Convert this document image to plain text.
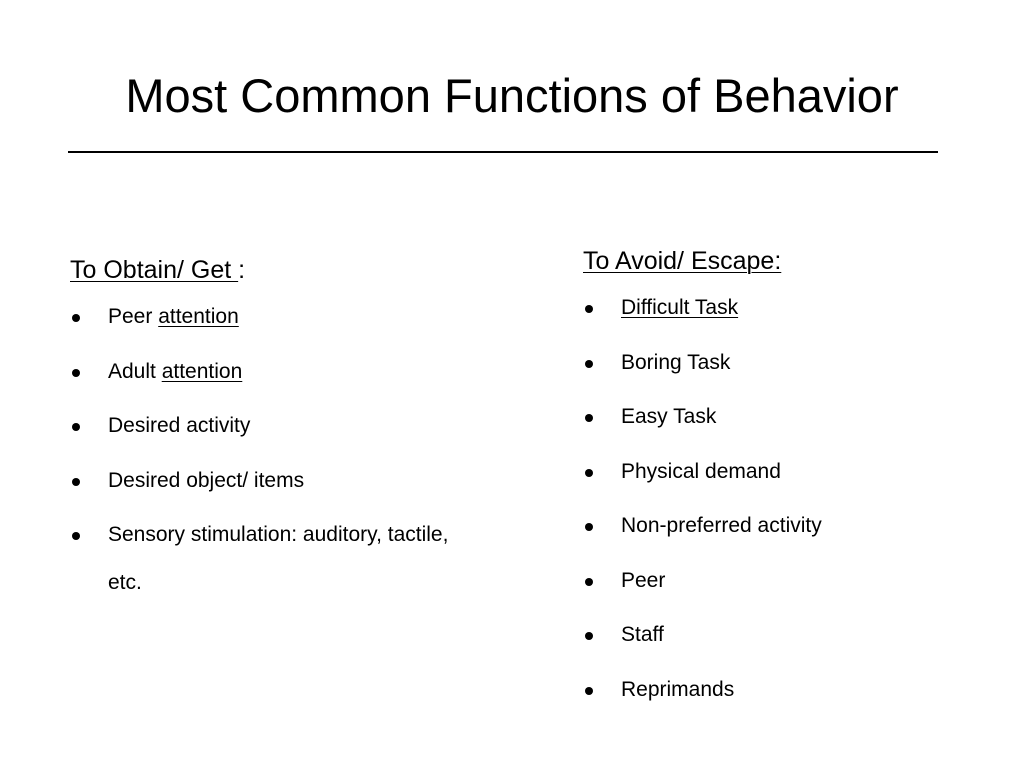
Most Common Functions of Behavior

To Obtain/ Get :

Peer attention
Adult attention
Desired activity
Desired object/ items
Sensory stimulation: auditory, tactile, etc.

To Avoid/ Escape:

Difficult Task
Boring Task
Easy Task
Physical demand
Non-preferred activity
Peer
Staff
Reprimands
